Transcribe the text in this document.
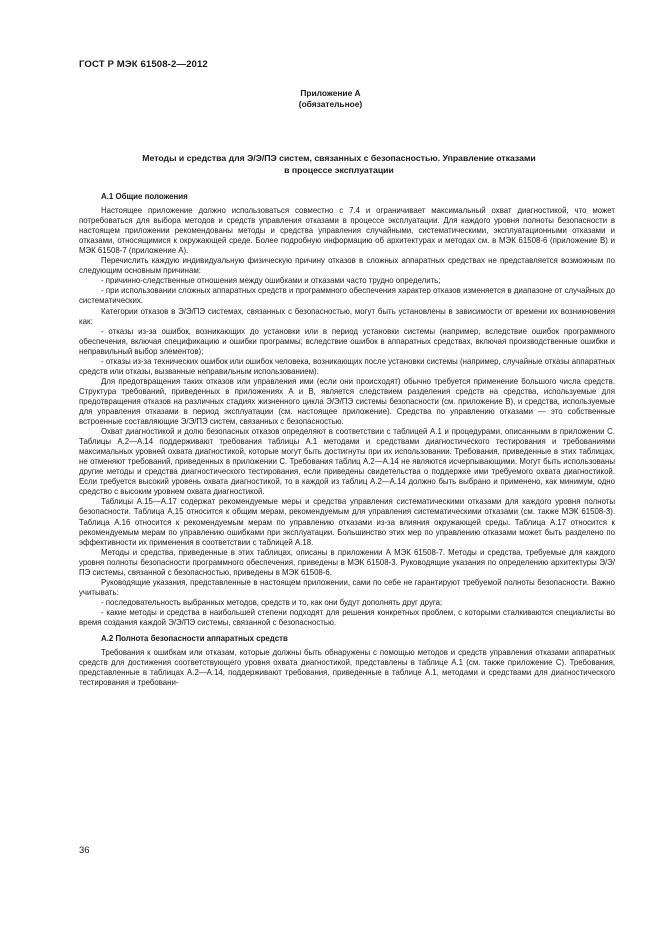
ГОСТ Р МЭК 61508-2—2012
Приложение А
(обязательное)
Методы и средства для Э/Э/ПЭ систем, связанных с безопасностью. Управление отказами
в процессе эксплуатации
А.1 Общие положения

Настоящее приложение должно использоваться совместно с 7.4 и ограничивает максимальный охват диагностикой, что может потребоваться для выбора методов и средств управления отказами в процессе эксплуатации. Для каждого уровня полноты безопасности в настоящем приложении рекомендованы методы и средства управления случайными, систематическими, эксплуатационными отказами и отказами, относящимися к окружающей среде. Более подробную информацию об архитектурах и методах см. в МЭК 61508-6 (приложение В) и МЭК 61508-7 (приложение А).

Перечислить каждую индивидуальную физическую причину отказов в сложных аппаратных средствах не представляется возможным по следующим основным причинам:

- причинно-следственные отношения между ошибками и отказами часто трудно определить;

- при использовании сложных аппаратных средств и программного обеспечения характер отказов изменяется в диапазоне от случайных до систематических.

Категории отказов в Э/Э/ПЭ системах, связанных с безопасностью, могут быть установлены в зависимости от времени их возникновения как:

- отказы из-за ошибок, возникающих до установки или в период установки системы (например, вследствие ошибок программного обеспечения, включая спецификацию и ошибки программы; вследствие ошибок в аппаратных средствах, включая производственные ошибки и неправильный выбор элементов);

- отказы из-за технических ошибок или ошибок человека, возникающих после установки системы (например, случайные отказы аппаратных средств или отказы, вызванные неправильным использованием).

Для предотвращения таких отказов или управления ими (если они происходят) обычно требуется применение большого числа средств. Структура требований, приведенных в приложениях А и В, является следствием разделения средств на средства, используемые для предотвращения отказов на различных стадиях жизненного цикла Э/Э/ПЭ системы безопасности (см. приложение В), и средства, используемые для управления отказами в период эксплуатации (см. настоящее приложение). Средства по управлению отказами — это собственные встроенные составляющие Э/Э/ПЭ систем, связанных с безопасностью.

Охват диагностикой и долю безопасных отказов определяют в соответствии с таблицей А.1 и процедурами, описанными в приложении С. Таблицы А.2—А.14 поддерживают требования таблицы А.1 методами и средствами диагностического тестирования и требованиями максимальных уровней охвата диагностикой, которые могут быть достигнуты при их использовании. Требования, приведенные в этих таблицах, не отменяют требований, приведенных в приложении С. Требования таблиц А.2—А.14 не являются исчерпывающими. Могут быть использованы другие методы и средства диагностического тестирования, если приведены свидетельства о поддержке ими требуемого охвата диагностикой. Если требуется высокий уровень охвата диагностикой, то в каждой из таблиц А.2—А.14 должно быть выбрано и применено, как минимум, одно средство с высоким уровнем охвата диагностикой.

Таблицы А.15—А.17 содержат рекомендуемые меры и средства управления систематическими отказами для каждого уровня полноты безопасности. Таблица А.15 относится к общим мерам, рекомендуемым для управления систематическими отказами (см. также МЭК 61508-3). Таблица А.16 относится к рекомендуемым мерам по управлению отказами из-за влияния окружающей среды. Таблица А.17 относится к рекомендуемым мерам по управлению ошибками при эксплуатации. Большинство этих мер по управлению отказами может быть разделено по эффективности их применения в соответствии с таблицей А.18.

Методы и средства, приведенные в этих таблицах, описаны в приложении А МЭК 61508-7. Методы и средства, требуемые для каждого уровня полноты безопасности программного обеспечения, приведены в МЭК 61508-3. Руководящие указания по определению архитектуры Э/Э/ПЭ системы, связанной с безопасностью, приведены в МЭК 61508-6.

Руководящие указания, представленные в настоящем приложении, сами по себе не гарантируют требуемой полноты безопасности. Важно учитывать:

- последовательность выбранных методов, средств и то, как они будут дополнять друг друга;

- какие методы и средства в наибольшей степени подходят для решения конкретных проблем, с которыми сталкиваются специалисты во время создания каждой Э/Э/ПЭ системы, связанной с безопасностью.

А.2 Полнота безопасности аппаратных средств

Требования к ошибкам или отказам, которые должны быть обнаружены с помощью методов и средств управления отказами аппаратных средств для достижения соответствующего уровня охвата диагностикой, представлены в таблице А.1 (см. также приложение С). Требования, представленные в таблицах А.2—А.14, поддерживают требования, приведенные в таблице А.1, методами и средствами для диагностического тестирования и требовани-

36
